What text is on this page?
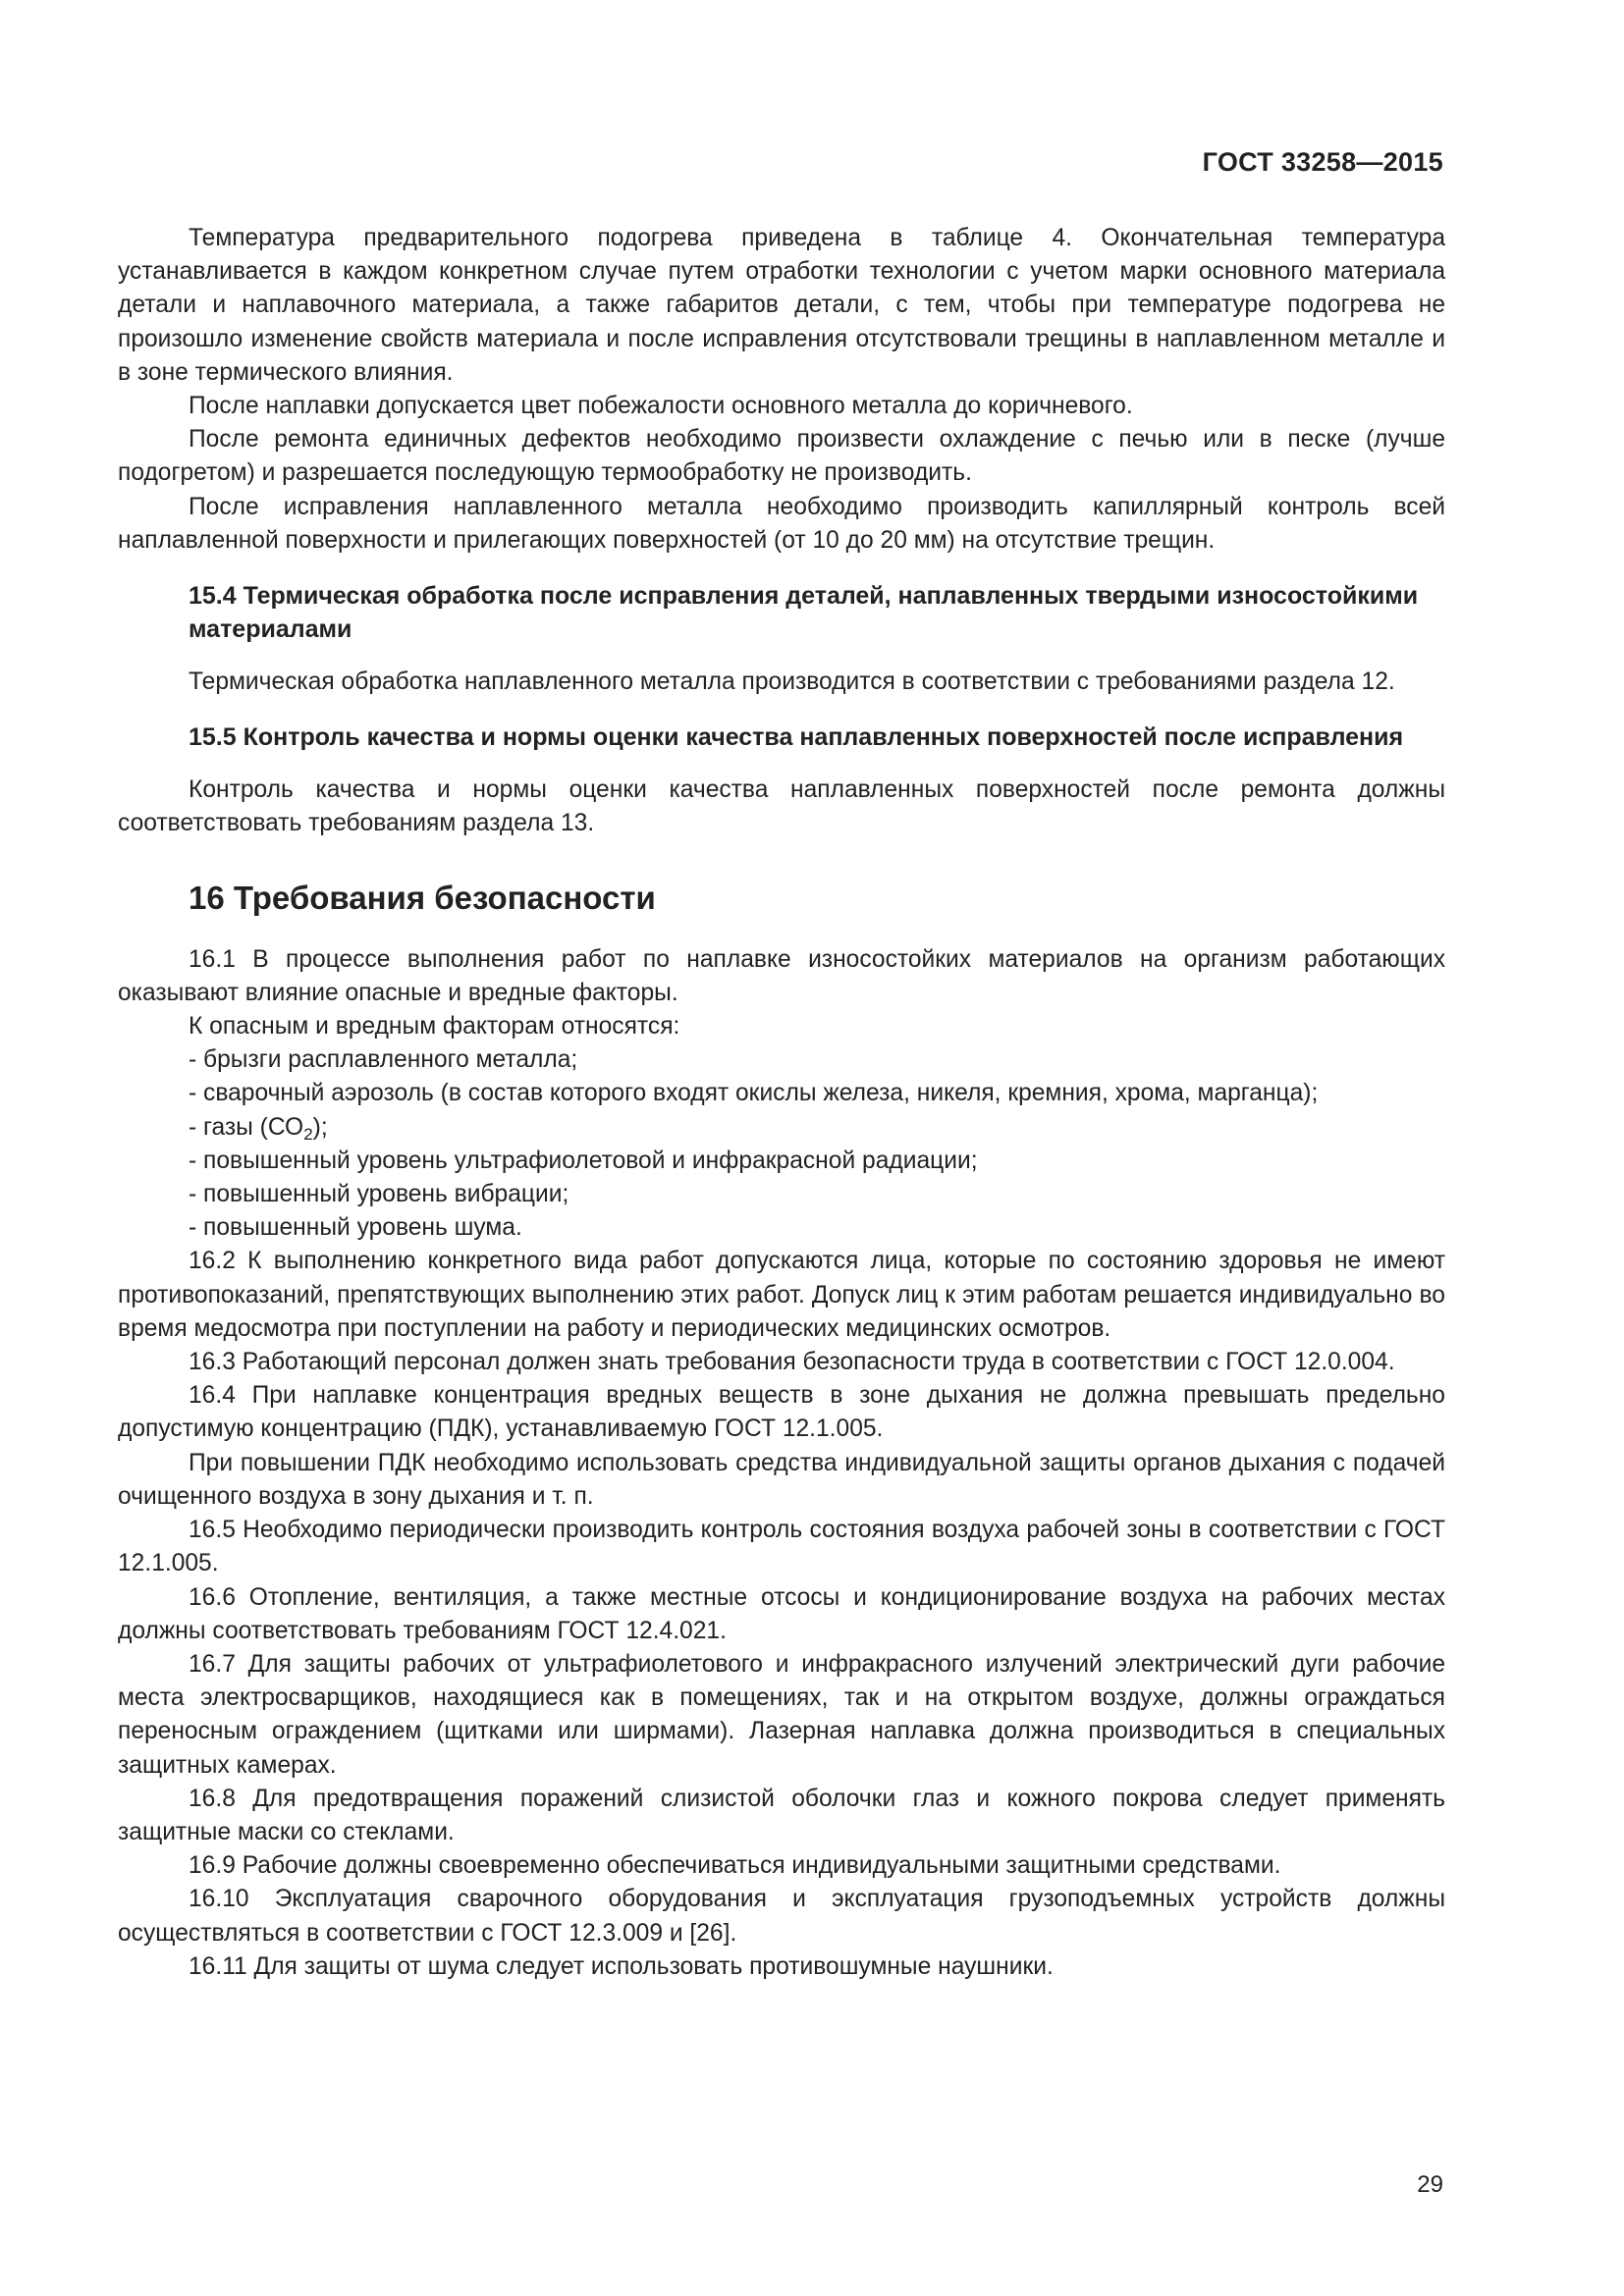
ГОСТ 33258—2015

Температура предварительного подогрева приведена в таблице 4. Окончательная температура устанавливается в каждом конкретном случае путем отработки технологии с учетом марки основного материала детали и наплавочного материала, а также габаритов детали, с тем, чтобы при температуре подогрева не произошло изменение свойств материала и после исправления отсутствовали трещины в наплавленном металле и в зоне термического влияния.

После наплавки допускается цвет побежалости основного металла до коричневого.

После ремонта единичных дефектов необходимо произвести охлаждение с печью или в песке (лучше подогретом) и разрешается последующую термообработку не производить.

После исправления наплавленного металла необходимо производить капиллярный контроль всей наплавленной поверхности и прилегающих поверхностей (от 10 до 20 мм) на отсутствие трещин.

15.4 Термическая обработка после исправления деталей, наплавленных твердыми износостойкими материалами

Термическая обработка наплавленного металла производится в соответствии с требованиями раздела 12.

15.5 Контроль качества и нормы оценки качества наплавленных поверхностей после исправления

Контроль качества и нормы оценки качества наплавленных поверхностей после ремонта должны соответствовать требованиям раздела 13.

16 Требования безопасности

16.1 В процессе выполнения работ по наплавке износостойких материалов на организм работающих оказывают влияние опасные и вредные факторы.

К опасным и вредным факторам относятся:

- брызги расплавленного металла;

- сварочный аэрозоль (в состав которого входят окислы железа, никеля, кремния, хрома, марганца);

- газы $(СО_2)$;

- повышенный уровень ультрафиолетовой и инфракрасной радиации;

- повышенный уровень вибрации;

- повышенный уровень шума.

16.2 К выполнению конкретного вида работ допускаются лица, которые по состоянию здоровья не имеют противопоказаний, препятствующих выполнению этих работ. Допуск лиц к этим работам решается индивидуально во время медосмотра при поступлении на работу и периодических медицинских осмотров.

16.3 Работающий персонал должен знать требования безопасности труда в соответствии с ГОСТ 12.0.004.

16.4 При наплавке концентрация вредных веществ в зоне дыхания не должна превышать предельно допустимую концентрацию (ПДК), устанавливаемую ГОСТ 12.1.005.

При повышении ПДК необходимо использовать средства индивидуальной защиты органов дыхания с подачей очищенного воздуха в зону дыхания и т. п.

16.5 Необходимо периодически производить контроль состояния воздуха рабочей зоны в соответствии с ГОСТ 12.1.005.

16.6 Отопление, вентиляция, а также местные отсосы и кондиционирование воздуха на рабочих местах должны соответствовать требованиям ГОСТ 12.4.021.

16.7 Для защиты рабочих от ультрафиолетового и инфракрасного излучений электрический дуги рабочие места электросварщиков, находящиеся как в помещениях, так и на открытом воздухе, должны ограждаться переносным ограждением (щитками или ширмами). Лазерная наплавка должна производиться в специальных защитных камерах.

16.8 Для предотвращения поражений слизистой оболочки глаз и кожного покрова следует применять защитные маски со стеклами.

16.9 Рабочие должны своевременно обеспечиваться индивидуальными защитными средствами.

16.10 Эксплуатация сварочного оборудования и эксплуатация грузоподъемных устройств должны осуществляться в соответствии с ГОСТ 12.3.009 и [26].

16.11 Для защиты от шума следует использовать противошумные наушники.

29
